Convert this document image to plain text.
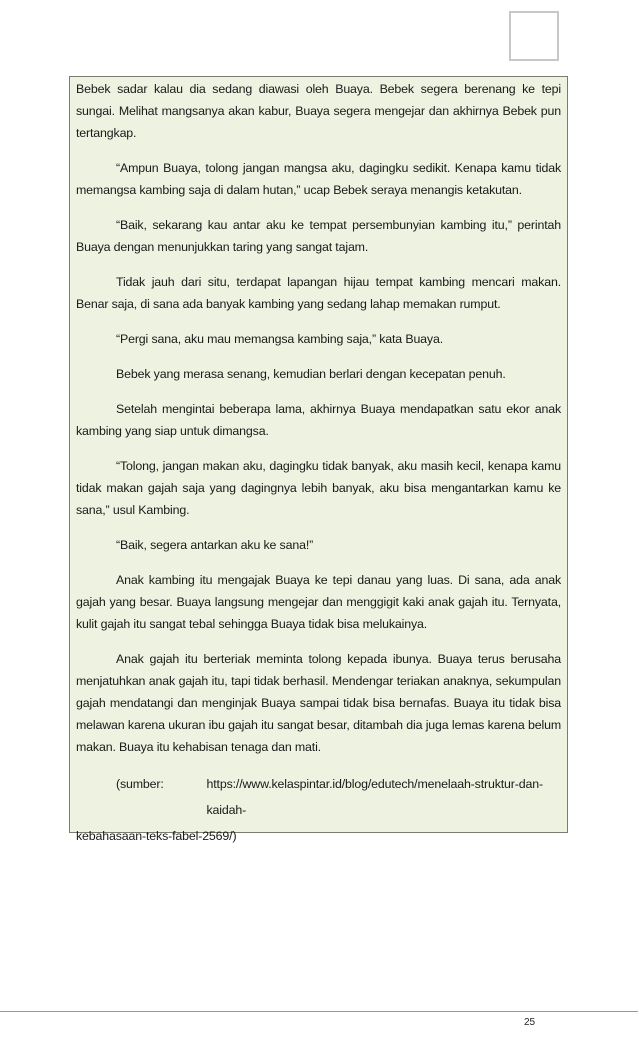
Bebek sadar kalau dia sedang diawasi oleh Buaya. Bebek segera berenang ke tepi sungai. Melihat mangsanya akan kabur, Buaya segera mengejar dan akhirnya Bebek pun tertangkap.

“Ampun Buaya, tolong jangan mangsa aku, dagingku sedikit. Kenapa kamu tidak memangsa kambing saja di dalam hutan,” ucap Bebek seraya menangis ketakutan.

“Baik, sekarang kau antar aku ke tempat persembunyian kambing itu,” perintah Buaya dengan menunjukkan taring yang sangat tajam.

Tidak jauh dari situ, terdapat lapangan hijau tempat kambing mencari makan. Benar saja, di sana ada banyak kambing yang sedang lahap memakan rumput.

“Pergi sana, aku mau memangsa kambing saja,” kata Buaya.

Bebek yang merasa senang, kemudian berlari dengan kecepatan penuh.

Setelah mengintai beberapa lama, akhirnya Buaya mendapatkan satu ekor anak kambing yang siap untuk dimangsa.

“Tolong, jangan makan aku, dagingku tidak banyak, aku masih kecil, kenapa kamu tidak makan gajah saja yang dagingnya lebih banyak, aku bisa mengantarkan kamu ke sana,” usul Kambing.

“Baik, segera antarkan aku ke sana!”

Anak kambing itu mengajak Buaya ke tepi danau yang luas. Di sana, ada anak gajah yang besar. Buaya langsung mengejar dan menggigit kaki anak gajah itu. Ternyata, kulit gajah itu sangat tebal sehingga Buaya tidak bisa melukainya.

Anak gajah itu berteriak meminta tolong kepada ibunya. Buaya terus berusaha menjatuhkan anak gajah itu, tapi tidak berhasil. Mendengar teriakan anaknya, sekumpulan gajah mendatangi dan menginjak Buaya sampai tidak bisa bernafas. Buaya itu tidak bisa melawan karena ukuran ibu gajah itu sangat besar, ditambah dia juga lemas karena belum makan. Buaya itu kehabisan tenaga dan mati.

(sumber:	https://www.kelaspintar.id/blog/edutech/menelaah-struktur-dan-kaidah-
kebahasaan-teks-fabel-2569/)
25
